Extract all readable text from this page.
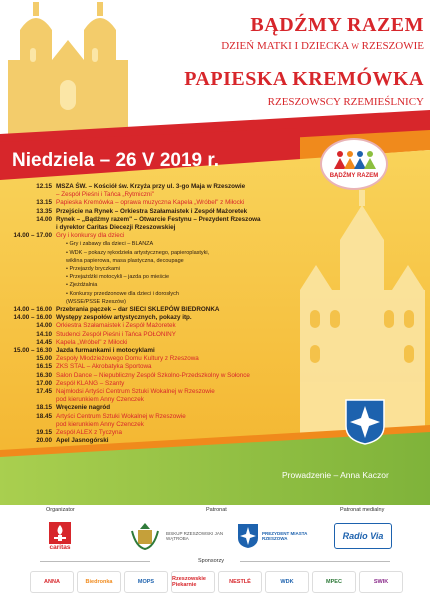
BĄDŹMY RAZEM
DZIEŃ MATKI I DZIECKA w RZESZOWIE
PAPIESKA KREMÓWKA
RZESZOWSCY RZEMIEŚLNICY
Niedziela – 26 V 2019 r.
BĄDŹMY RAZEM
12.15 MSZA ŚW. – Kościół św. Krzyża przy ul. 3-go Maja w Rzeszowie
– Zespół Pieśni i Tańca „Rytmiczni"
13.15 Papieska Kremówka – oprawa muzyczna Kapela „Wróbel" z Miłocki
13.35 Przejście na Rynek – Orkiestra Szałamaistek i Zespół Mażoretek
14.00 Rynek – „Bądźmy razem" – Otwarcie Festynu – Prezydent Rzeszowa
i dyrektor Caritas Diecezji Rzeszowskiej
14.00 – 17.00 Gry i konkursy dla dzieci
• Gry i zabawy dla dzieci – BLANZA
• WDK – pokazy rękodzieła artystycznego, papieroplastyki,
wiklina papierowa, masa plastyczna, decoupage
• Przejazdy bryczkami
• Przejażdżki motocykli – jazda po mieście
• Zjeżdżalnia
• Konkursy przedzonowe dla dzieci i dorosłych
(WSSE/PSSE Rzeszów)
14.00 – 16.00 Przebrania pączek – dar SIECI SKLEPÓW BIEDRONKA
14.00 – 16.00 Występy zespołów artystycznych, pokazy itp.
14.00 Orkiestra Szałamaistek i Zespół Mażoretek
14.10 Studenci Zespół Pieśni i Tańca POŁONINY
14.45 Kapela „Wróbel" z Miłocki
15.00 – 16.30 Jazda furmankami i motocyklami
15.00 Zespoły Młodzieżowego Domu Kultury z Rzeszowa
16.15 ZKS STAL – Akrobatyka Sportowa
16.30 Salon Dance – Niepubliczny Zespół Szkolno-Przedszkolny w Sołonce
17.00 Zespół KLANG – Szanty
17.45 Najmłodsi Artyści Centrum Sztuki Wokalnej w Rzeszowie
pod kierunkiem Anny Czenczek
18.15 Wręczenie nagród
18.45 Artyści Centrum Sztuki Wokalnej w Rzeszowie
pod kierunkiem Anny Czenczek
19.15 Zespół ALEX z Tyczyna
20.00 Apel Jasnogórski
Prowadzenie – Anna Kaczor
Organizator	Patronat	Patronat medialny
caritas
BISKUP RZESZOWSKI JAN WĄTROBA
PREZYDENT MIASTA RZESZOWA	Radio Via
Sponsorzy
ANNA	Biedronka	MOPS	Rzeszowskie Piekarnie	NESTLÉ	WDK	MPEC	SWIK
